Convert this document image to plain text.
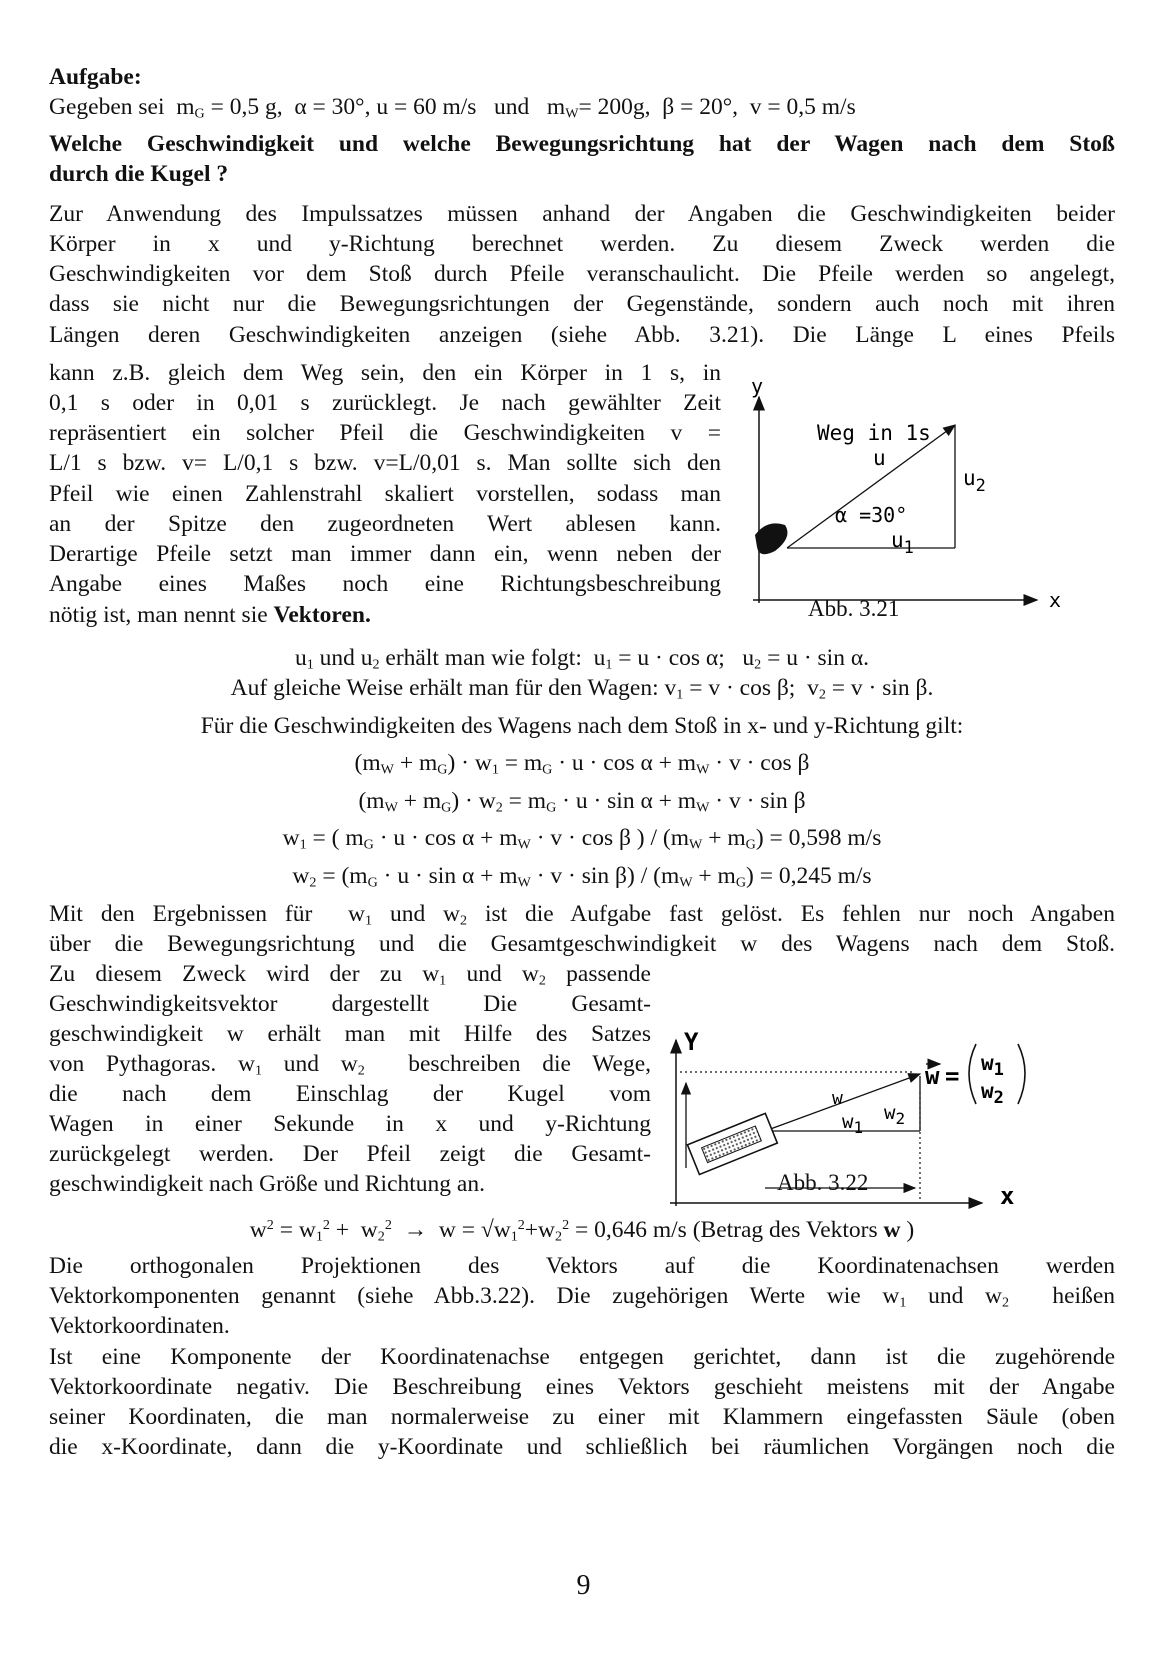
Aufgabe:
Gegeben sei  $m_G = 0,5$ g, α = 30°, u = 60 m/s und   $m_W= 200g$, β = 20°, v = 0,5 m/s
Welche Geschwindigkeit und welche Bewegungsrichtung hat der Wagen nach dem Stoß
durch die Kugel ?
Zur Anwendung des Impulssatzes müssen anhand der Angaben die Geschwindigkeiten beider
Körper in x und y-Richtung berechnet werden. Zu diesem Zweck werden die
Geschwindigkeiten vor dem Stoß durch Pfeile veranschaulicht. Die Pfeile werden so angelegt,
dass sie nicht nur die Bewegungsrichtungen der Gegenstände, sondern auch noch mit ihren
Längen deren Geschwindigkeiten anzeigen (siehe Abb. 3.21). Die Länge L eines Pfeils
kann z.B. gleich dem Weg sein, den ein Körper in 1 s, in
0,1 s oder in 0,01 s zurücklegt. Je nach gewählter Zeit
repräsentiert ein solcher Pfeil die Geschwindigkeiten v =
L/1 s bzw. v= L/0,1 s bzw. v=L/0,01 s. Man sollte sich den
Pfeil wie einen Zahlenstrahl skaliert vorstellen, sodass man
an der Spitze den zugeordneten Wert ablesen kann.
Derartige Pfeile setzt man immer dann ein, wenn neben der
Angabe eines Maßes noch eine Richtungsbeschreibung
nötig ist, man nennt sie Vektoren.
y
x
Weg in 1s
u
$u_2$
α =30°
$u_1$
Abb. 3.21
$u_1$ und $u_2$ erhält man wie folgt:  $u_1 = u \cdot \cos \alpha$;   $u_2 = u \cdot \sin \alpha$.
Auf gleiche Weise erhält man für den Wagen: $v_1 = v \cdot \cos \beta$;  $v_2 = v \cdot \sin \beta$.
Für die Geschwindigkeiten des Wagens nach dem Stoß in x- und y-Richtung gilt:
$(m_W + m_G) \cdot w_1 = m_G \cdot u \cdot \cos \alpha + m_W \cdot v \cdot \cos \beta$
$(m_W + m_G) \cdot w_2 = m_G \cdot u \cdot \sin \alpha + m_W \cdot v \cdot \sin \beta$
$w_1$ = ( $m_G \cdot u \cdot \cos \alpha + m_W \cdot v \cdot \cos \beta$ ) / $(m_W + m_G) = 0,598$ m/s
$w_2 = (m_G \cdot u \cdot \sin \alpha + m_W \cdot v \cdot \sin \beta) / (m_W + m_G) = 0,245$ m/s
Mit den Ergebnissen für  $w_1$ und $w_2$ ist die Aufgabe fast gelöst. Es fehlen nur noch Angaben
über die Bewegungsrichtung und die Gesamtgeschwindigkeit w des Wagens nach dem Stoß.
Zu diesem Zweck wird der zu $w_1$ und $w_2$ passende
Geschwindigkeitsvektor dargestellt Die Gesamt-
geschwindigkeit w erhält man mit Hilfe des Satzes
von Pythagoras. $w_1$ und $w_2$ beschreiben die Wege,
die nach dem Einschlag der Kugel vom
Wagen in einer Sekunde in x und y-Richtung
zurückgelegt werden. Der Pfeil zeigt die Gesamt-
geschwindigkeit nach Größe und Richtung an.
Y
x
w
$w_2$
$w_1$
$w = w_1$
$w_2$
Abb. 3.22
$w^2 = w_1^2 + w_2^2 \to w = √w_1^2+w_2^2 = 0,646$ m/s (Betrag des Vektors w )
Die orthogonalen Projektionen des Vektors auf die Koordinatenachsen werden
Vektorkomponenten genannt (siehe Abb.3.22). Die zugehörigen Werte wie $w_1$ und $w_2$ heißen
Vektorkoordinaten.
Ist eine Komponente der Koordinatenachse entgegen gerichtet, dann ist die zugehörende
Vektorkoordinate negativ. Die Beschreibung eines Vektors geschieht meistens mit der Angabe
seiner Koordinaten, die man normalerweise zu einer mit Klammern eingefassten Säule (oben
die x-Koordinate, dann die y-Koordinate und schließlich bei räumlichen Vorgängen noch die
9
